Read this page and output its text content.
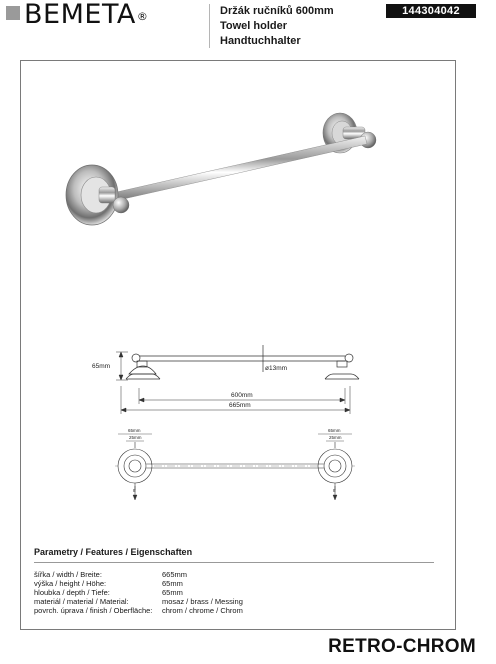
BEMETA®	Držák ručníků 600mm
Towel holder
Handtuchhalter
144304042
65mm	ø13mm
600mm
665mm
65mm
25mm
65mm
25mm
8	8
Parametry / Features / Eigenschaften
šířka / width / Breite:	665mm
výška / height / Höhe:	65mm
hloubka / depth / Tiefe:	65mm
materiál / material / Material:	mosaz / brass / Messing
povrch. úprava / finish / Oberfläche: chrom / chrome / Chrom
RETRO-CHROM
